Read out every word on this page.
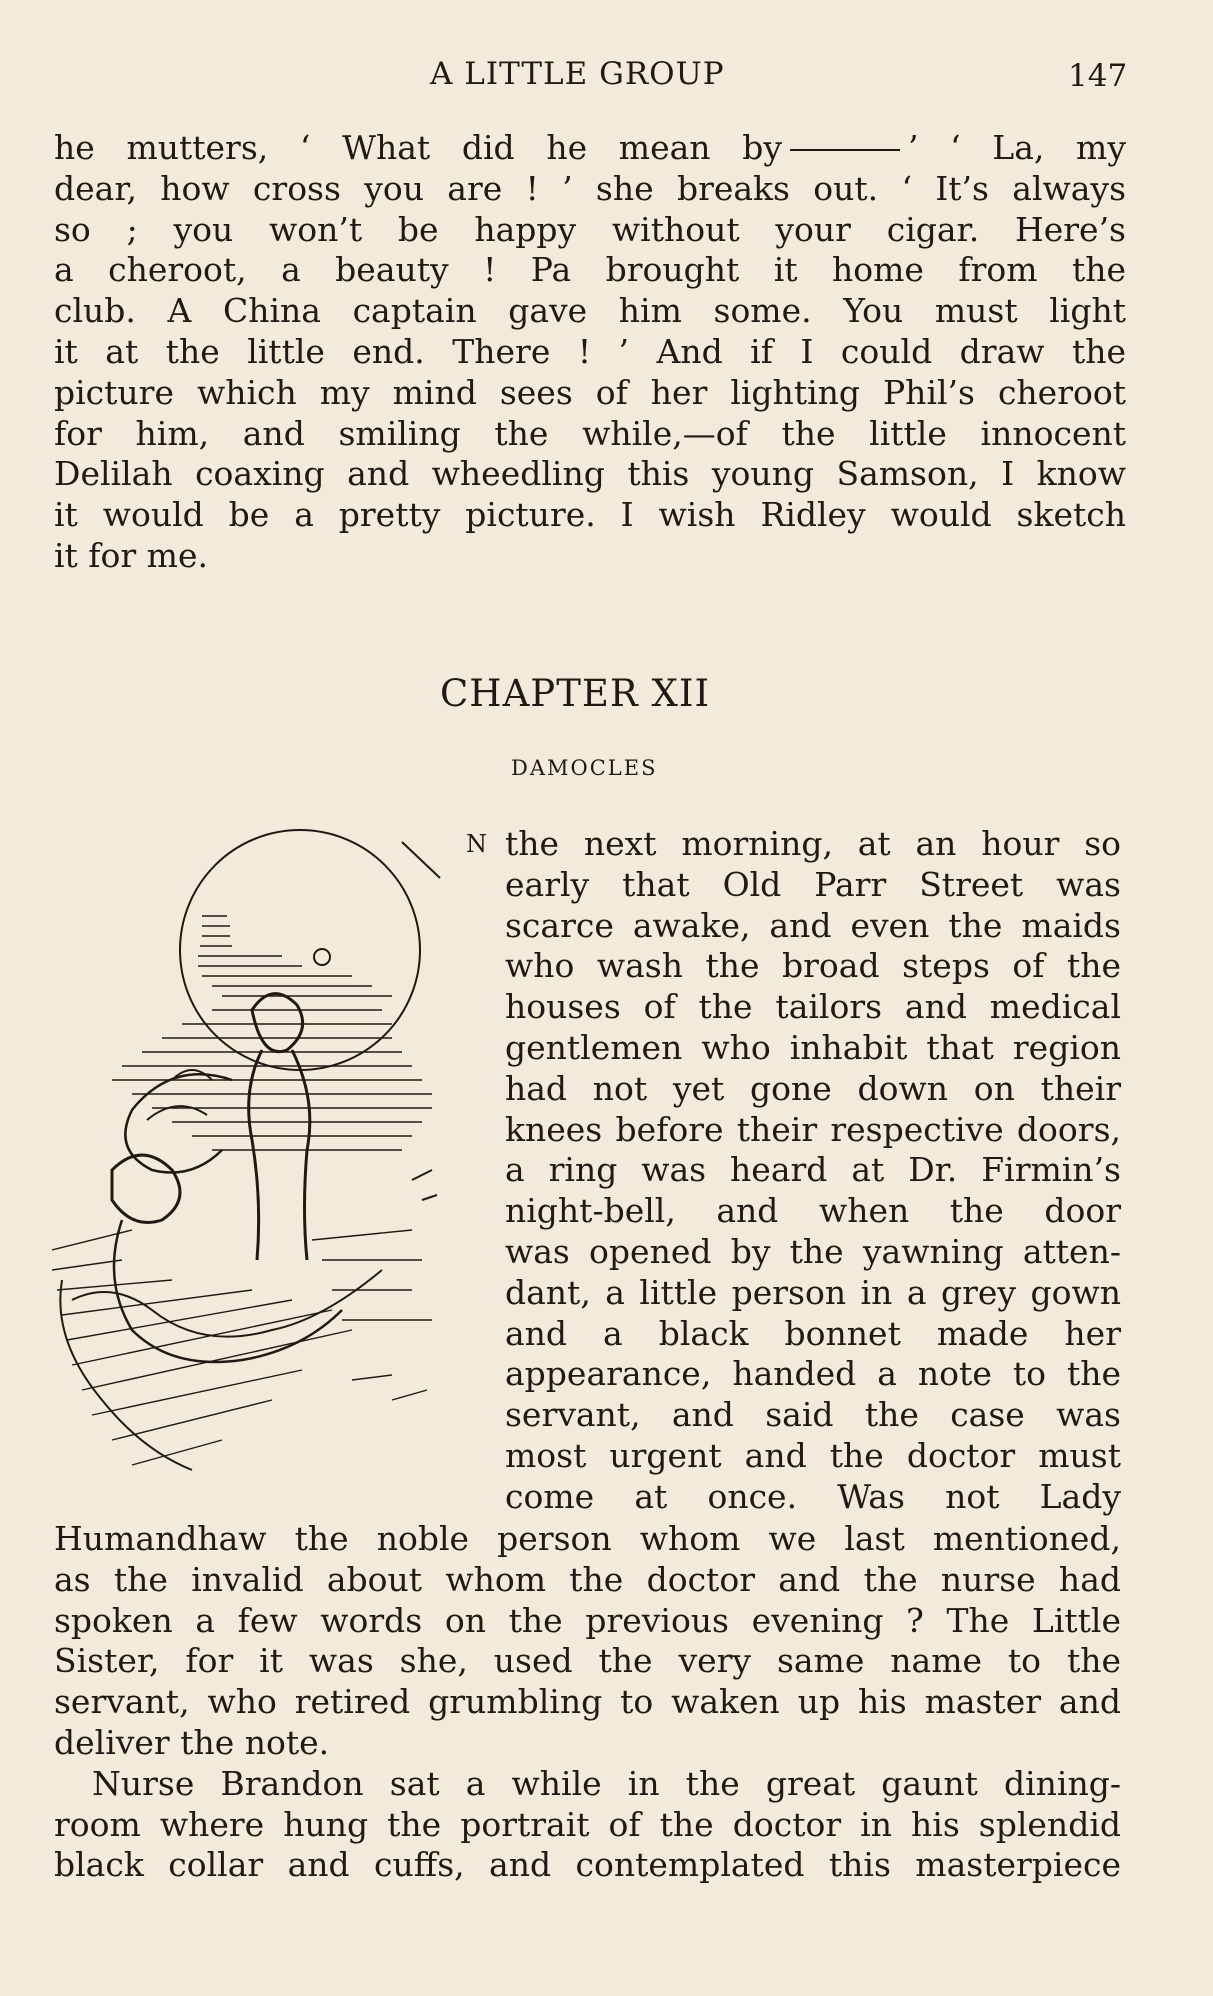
A LITTLE GROUP	147
he mutters, ‘ What did he mean by	’ ‘ La, my
dear, how cross you are ! ’ she breaks out. ‘ It’s always
so ; you won’t be happy without your cigar. Here’s
a cheroot, a beauty ! Pa brought it home from the
club. A China captain gave him some. You must light
it at the little end. There ! ’ And if I could draw the
picture which my mind sees of her lighting Phil’s cheroot
for him, and smiling the while,—of the little innocent
Delilah coaxing and wheedling this young Samson, I know
it would be a pretty picture. I wish Ridley would sketch
it for me.
CHAPTER XII
DAMOCLES
N the next morning, at an hour so
early that Old Parr Street was
scarce awake, and even the maids
who wash the broad steps of the
houses of the tailors and medical
gentlemen who inhabit that region
had not yet gone down on their
knees before their respective doors,
a ring was heard at Dr. Firmin’s
night-bell, and when the door
was opened by the yawning atten-
dant, a little person in a grey gown
and a black bonnet made her
appearance, handed a note to the
servant, and said the case was
most urgent and the doctor must
come at once. Was not Lady
Humandhaw the noble person whom we last mentioned,
as the invalid about whom the doctor and the nurse had
spoken a few words on the previous evening ? The Little
Sister, for it was she, used the very same name to the
servant, who retired grumbling to waken up his master and
deliver the note.
Nurse Brandon sat a while in the great gaunt dining-
room where hung the portrait of the doctor in his splendid
black collar and cuffs, and contemplated this masterpiece
